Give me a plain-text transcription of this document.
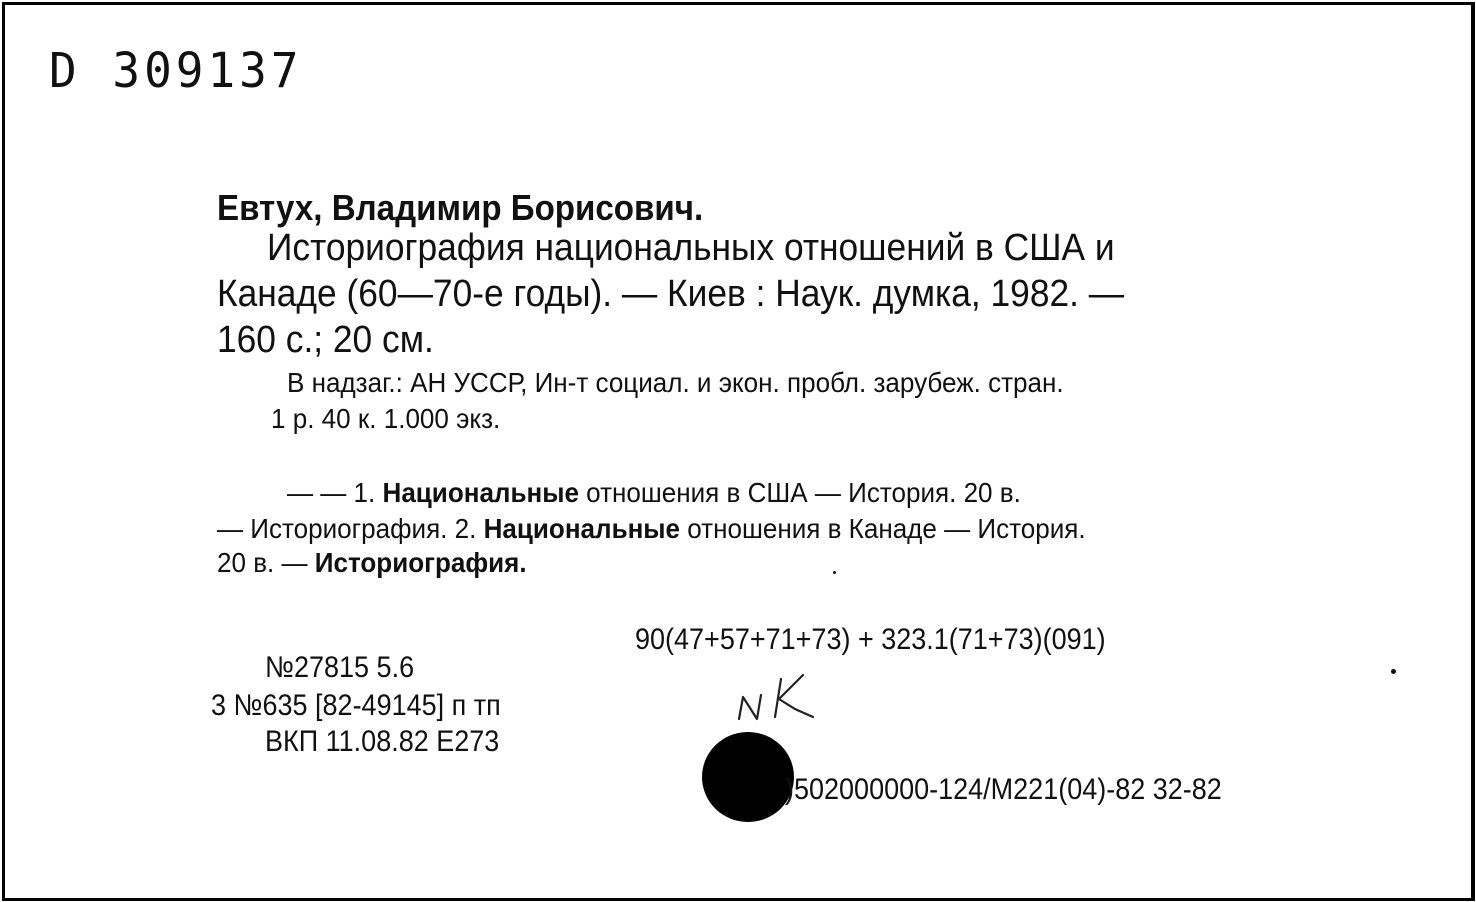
D 309137
Евтух, Владимир Борисович.
Историография национальных отношений в США и
Канаде (60—70-е годы). — Киев : Наук. думка, 1982. —
160 с.; 20 см.
В надзаг.: АН УССР, Ин-т социал. и экон. пробл. зарубеж. стран.
1 р. 40 к. 1.000 экз.
— — 1. Национальные отношения в США — История. 20 в.
— Историография. 2. Национальные отношения в Канаде — История.
20 в. — Историография.
90(47+57+71+73) + 323.1(71+73)(091)
№27815 5.6
3 №635 [82-49145] п тп
ВКП 11.08.82 Е273
)502000000-124/М221(04)-82 32-82
